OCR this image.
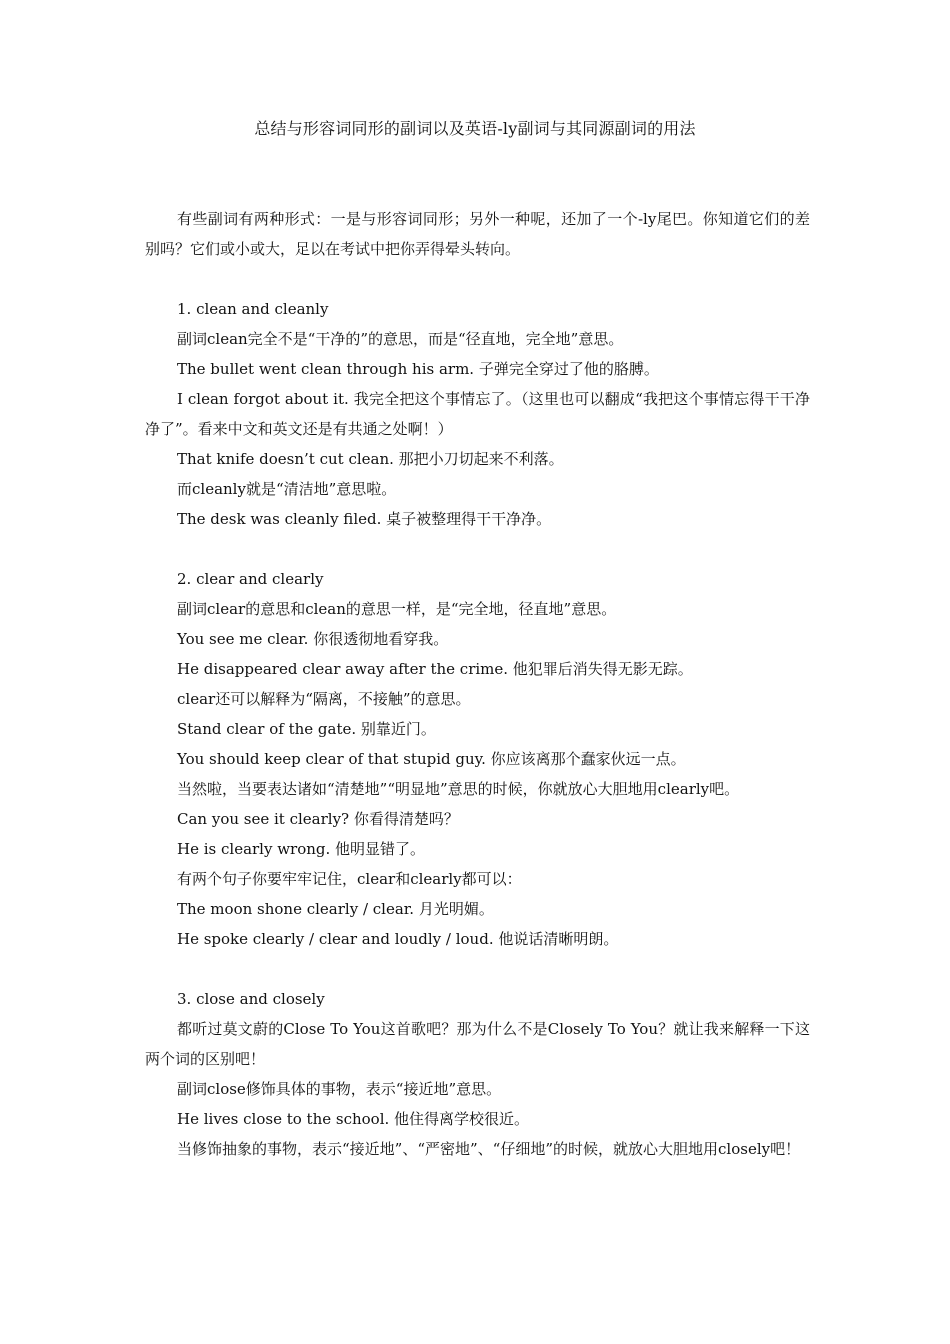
总结与形容词同形的副词以及英语-ly副词与其同源副词的用法

有些副词有两种形式：一是与形容词同形；另外一种呢，还加了一个-ly尾巴。你知道它们的差别吗？它们或小或大，足以在考试中把你弄得晕头转向。

1. clean and cleanly

副词clean完全不是“干净的”的意思，而是“径直地，完全地”意思。

The bullet went clean through his arm. 子弹完全穿过了他的胳膊。

I clean forgot about it. 我完全把这个事情忘了。（这里也可以翻成“我把这个事情忘得干干净净了”。看来中文和英文还是有共通之处啊！）

That knife doesn’t cut clean. 那把小刀切起来不利落。

而cleanly就是“清洁地”意思啦。

The desk was cleanly filed. 桌子被整理得干干净净。

2. clear and clearly

副词clear的意思和clean的意思一样，是“完全地，径直地”意思。

You see me clear. 你很透彻地看穿我。

He disappeared clear away after the crime. 他犯罪后消失得无影无踪。

clear还可以解释为“隔离，不接触”的意思。

Stand clear of the gate. 别靠近门。

You should keep clear of that stupid guy. 你应该离那个蠢家伙远一点。

当然啦，当要表达诸如“清楚地”“明显地”意思的时候，你就放心大胆地用clearly吧。

Can you see it clearly? 你看得清楚吗？

He is clearly wrong. 他明显错了。

有两个句子你要牢牢记住，clear和clearly都可以：

The moon shone clearly / clear. 月光明媚。

He spoke clearly / clear and loudly / loud. 他说话清晰明朗。

3. close and closely

都听过莫文蔚的Close To You这首歌吧？那为什么不是Closely To You？就让我来解释一下这两个词的区别吧！

副词close修饰具体的事物，表示“接近地”意思。

He lives close to the school. 他住得离学校很近。

当修饰抽象的事物，表示“接近地”、“严密地”、“仔细地”的时候，就放心大胆地用closely吧！
